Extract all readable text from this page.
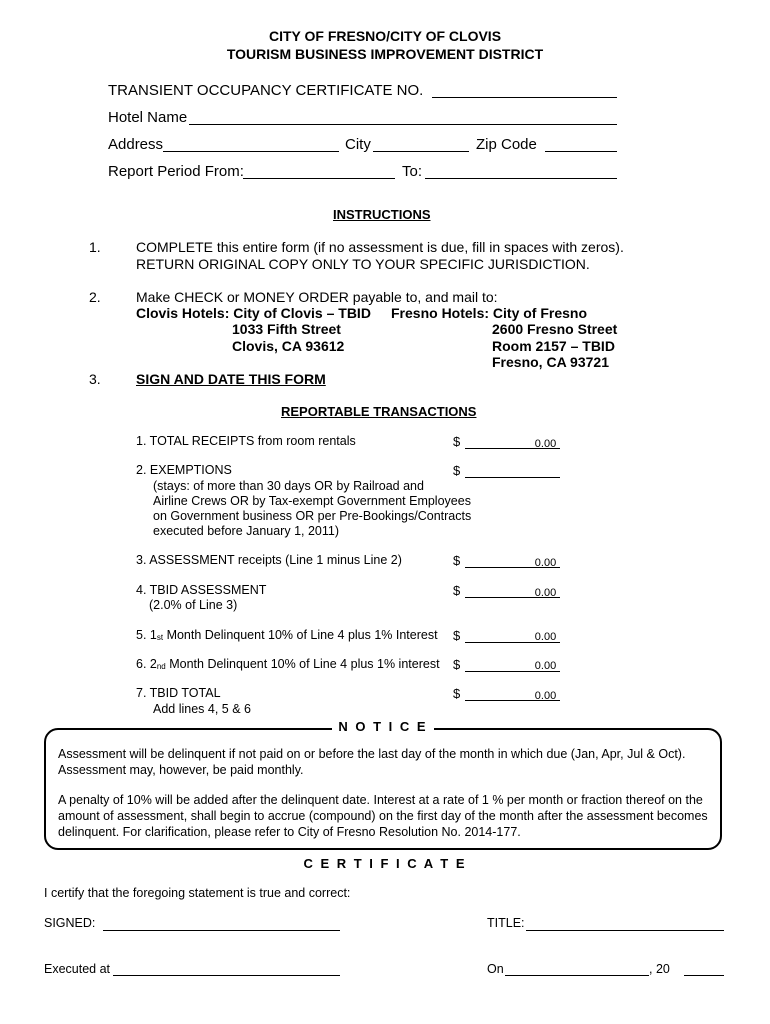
CITY OF FRESNO/CITY OF CLOVIS
TOURISM BUSINESS IMPROVEMENT DISTRICT
TRANSIENT OCCUPANCY CERTIFICATE NO.
Hotel Name
Address	City	Zip Code
Report Period From:	To:
INSTRUCTIONS
1.	COMPLETE this entire form (if no assessment is due, fill in spaces with zeros).
RETURN ORIGINAL COPY ONLY TO YOUR SPECIFIC JURISDICTION.
2.	Make CHECK or MONEY ORDER payable to, and mail to:
Clovis Hotels: City of Clovis – TBID
1033 Fifth Street
Clovis, CA 93612
Fresno Hotels: City of Fresno
2600 Fresno Street
Room 2157 – TBID
Fresno, CA 93721
3.	SIGN AND DATE THIS FORM
REPORTABLE TRANSACTIONS
1. TOTAL RECEIPTS from room rentals	$	0.00
2. EXEMPTIONS	$
(stays: of more than 30 days OR by Railroad and
Airline Crews OR by Tax-exempt Government Employees
on Government business OR per Pre-Bookings/Contracts
executed before January 1, 2011)
3. ASSESSMENT receipts (Line 1 minus Line 2)	$	0.00
4. TBID ASSESSMENT
(2.0% of Line 3)
$	0.00
5. 1st Month Delinquent 10% of Line 4 plus 1% Interest $	0.00
6. 2nd Month Delinquent 10% of Line 4 plus 1% interest $	0.00
7. TBID TOTAL
Add lines 4, 5 & 6
$	0.00
N O T I C E
Assessment will be delinquent if not paid on or before the last day of the month in which due (Jan, Apr, Jul & Oct). Assessment may, however, be paid monthly.
A penalty of 10% will be added after the delinquent date. Interest at a rate of 1 % per month or fraction thereof on the amount of assessment, shall begin to accrue (compound) on the first day of the month after the assessment becomes delinquent. For clarification, please refer to City of Fresno Resolution No. 2014-177.
C E R T I F I C A T E
I certify that the foregoing statement is true and correct:
SIGNED:	TITLE:
Executed at	On	, 20
